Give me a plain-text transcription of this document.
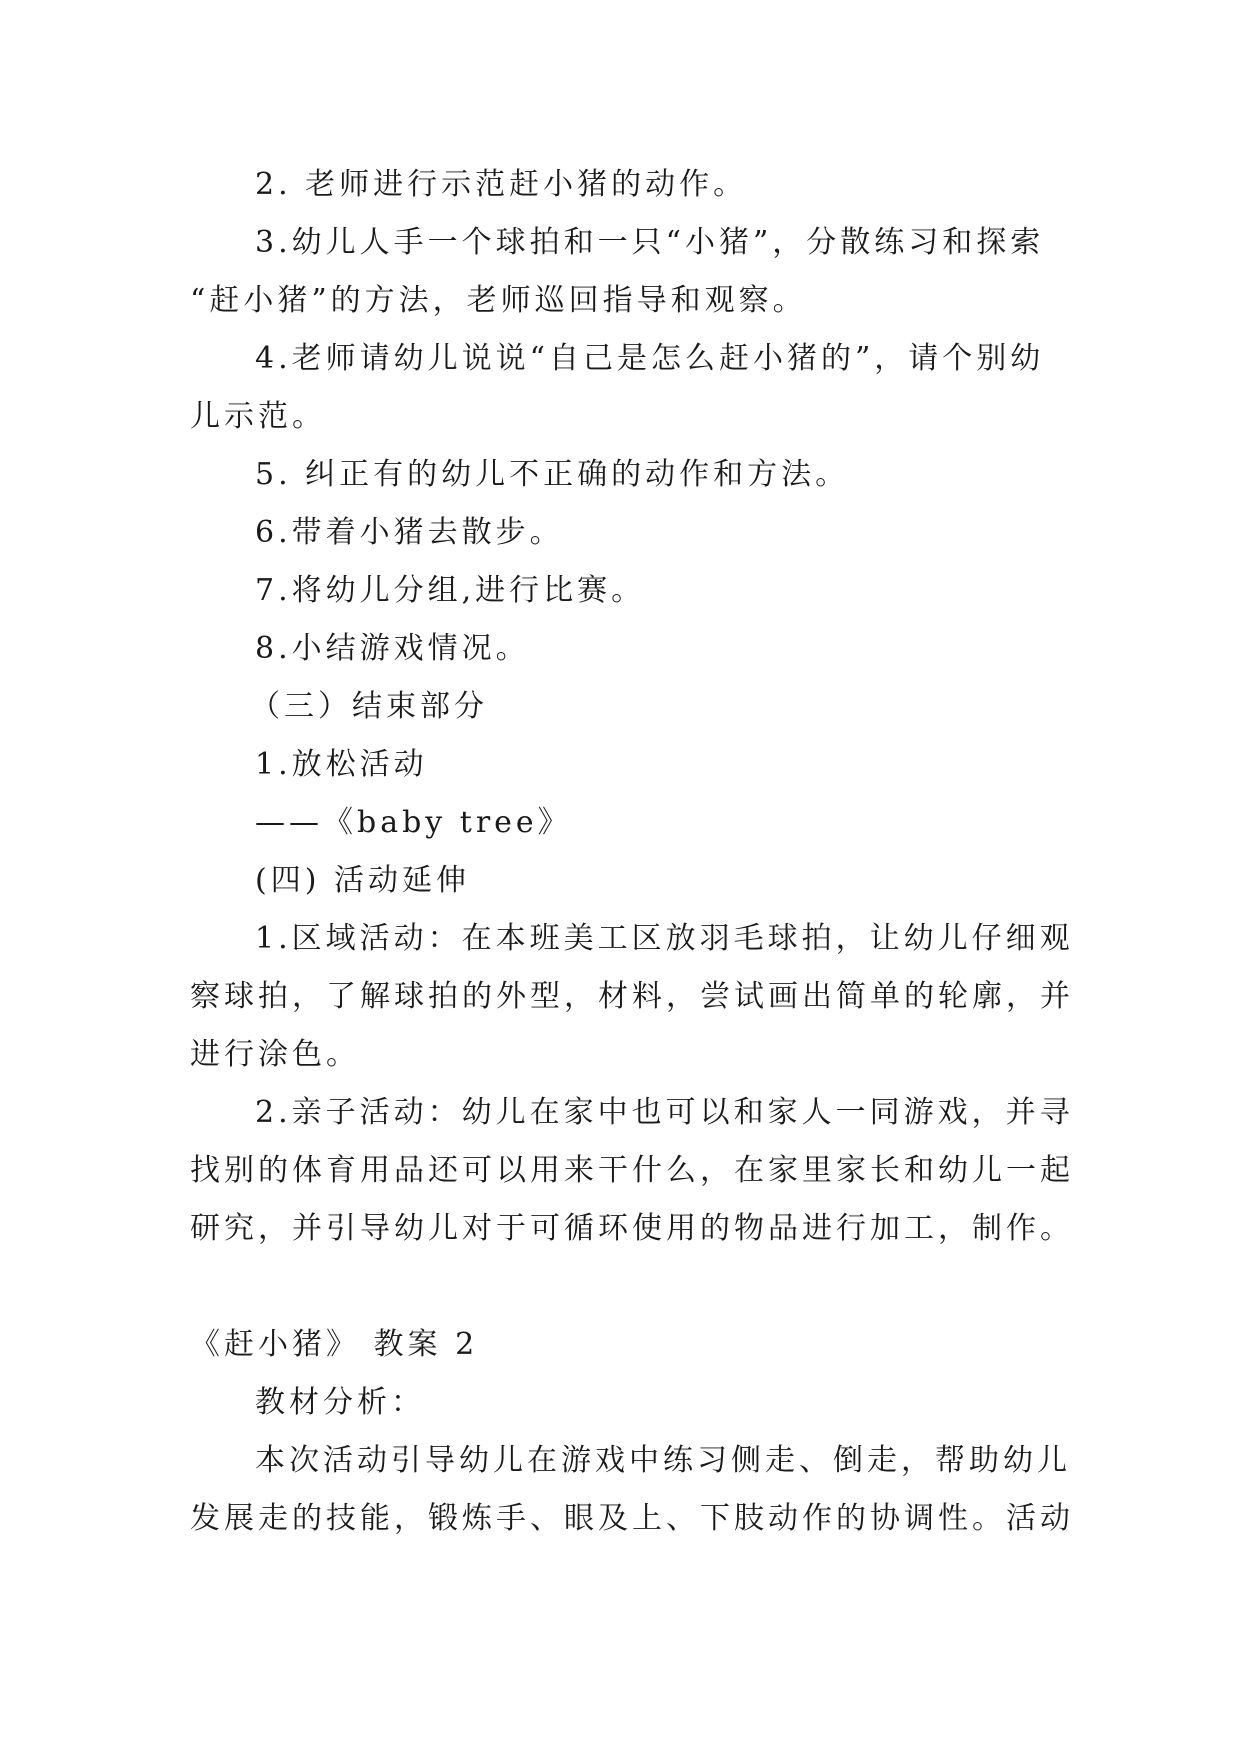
2. 老师进行示范赶小猪的动作。
3.幼儿人手一个球拍和一只“小猪”，分散练习和探索
“赶小猪”的方法，老师巡回指导和观察。
4.老师请幼儿说说“自己是怎么赶小猪的”，请个别幼
儿示范。
5. 纠正有的幼儿不正确的动作和方法。
6.带着小猪去散步。
7.将幼儿分组,进行比赛。
8.小结游戏情况。
（三）结束部分
1.放松活动
——《baby tree》
(四) 活动延伸
1.区域活动：在本班美工区放羽毛球拍，让幼儿仔细观
察球拍，了解球拍的外型，材料，尝试画出简单的轮廓，并
进行涂色。
2.亲子活动：幼儿在家中也可以和家人一同游戏，并寻
找别的体育用品还可以用来干什么，在家里家长和幼儿一起
研究，并引导幼儿对于可循环使用的物品进行加工，制作。
《赶小猪》 教案 2
教材分析：
本次活动引导幼儿在游戏中练习侧走、倒走，帮助幼儿
发展走的技能，锻炼手、眼及上、下肢动作的协调性。活动
